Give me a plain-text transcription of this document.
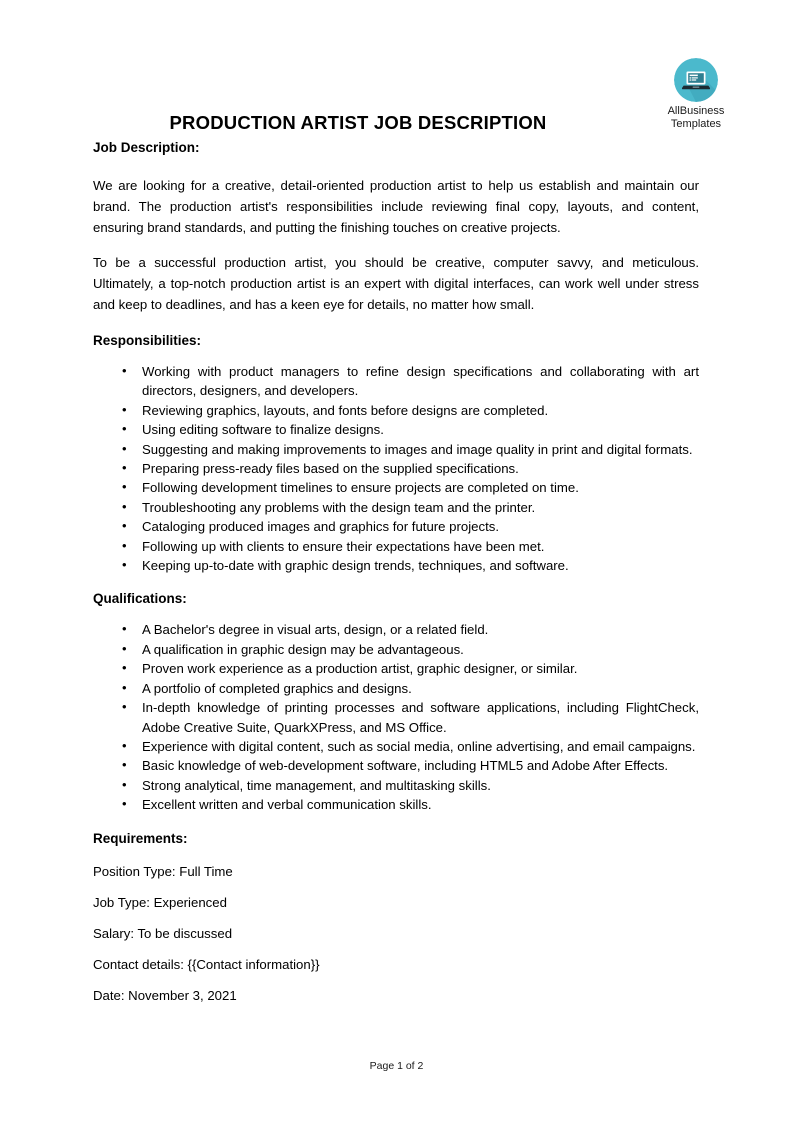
AllBusiness
Templates
PRODUCTION ARTIST JOB DESCRIPTION
Job Description:

We are looking for a creative, detail-oriented production artist to help us establish and maintain our brand. The production artist's responsibilities include reviewing final copy, layouts, and content, ensuring brand standards, and putting the finishing touches on creative projects.

To be a successful production artist, you should be creative, computer savvy, and meticulous. Ultimately, a top-notch production artist is an expert with digital interfaces, can work well under stress and keep to deadlines, and has a keen eye for details, no matter how small.

Responsibilities:
• Working with product managers to refine design specifications and collaborating with art directors, designers, and developers.
• Reviewing graphics, layouts, and fonts before designs are completed.
• Using editing software to finalize designs.
• Suggesting and making improvements to images and image quality in print and digital formats.
• Preparing press-ready files based on the supplied specifications.
• Following development timelines to ensure projects are completed on time.
• Troubleshooting any problems with the design team and the printer.
• Cataloging produced images and graphics for future projects.
• Following up with clients to ensure their expectations have been met.
• Keeping up-to-date with graphic design trends, techniques, and software.
Qualifications:
• A Bachelor's degree in visual arts, design, or a related field.
• A qualification in graphic design may be advantageous.
• Proven work experience as a production artist, graphic designer, or similar.
• A portfolio of completed graphics and designs.
• In-depth knowledge of printing processes and software applications, including FlightCheck, Adobe Creative Suite, QuarkXPress, and MS Office.
• Experience with digital content, such as social media, online advertising, and email campaigns.
• Basic knowledge of web-development software, including HTML5 and Adobe After Effects.
• Strong analytical, time management, and multitasking skills.
• Excellent written and verbal communication skills.
Requirements:

Position Type: Full Time

Job Type: Experienced

Salary: To be discussed

Contact details: {{Contact information}}

Date: November 3, 2021

Page 1 of 2
